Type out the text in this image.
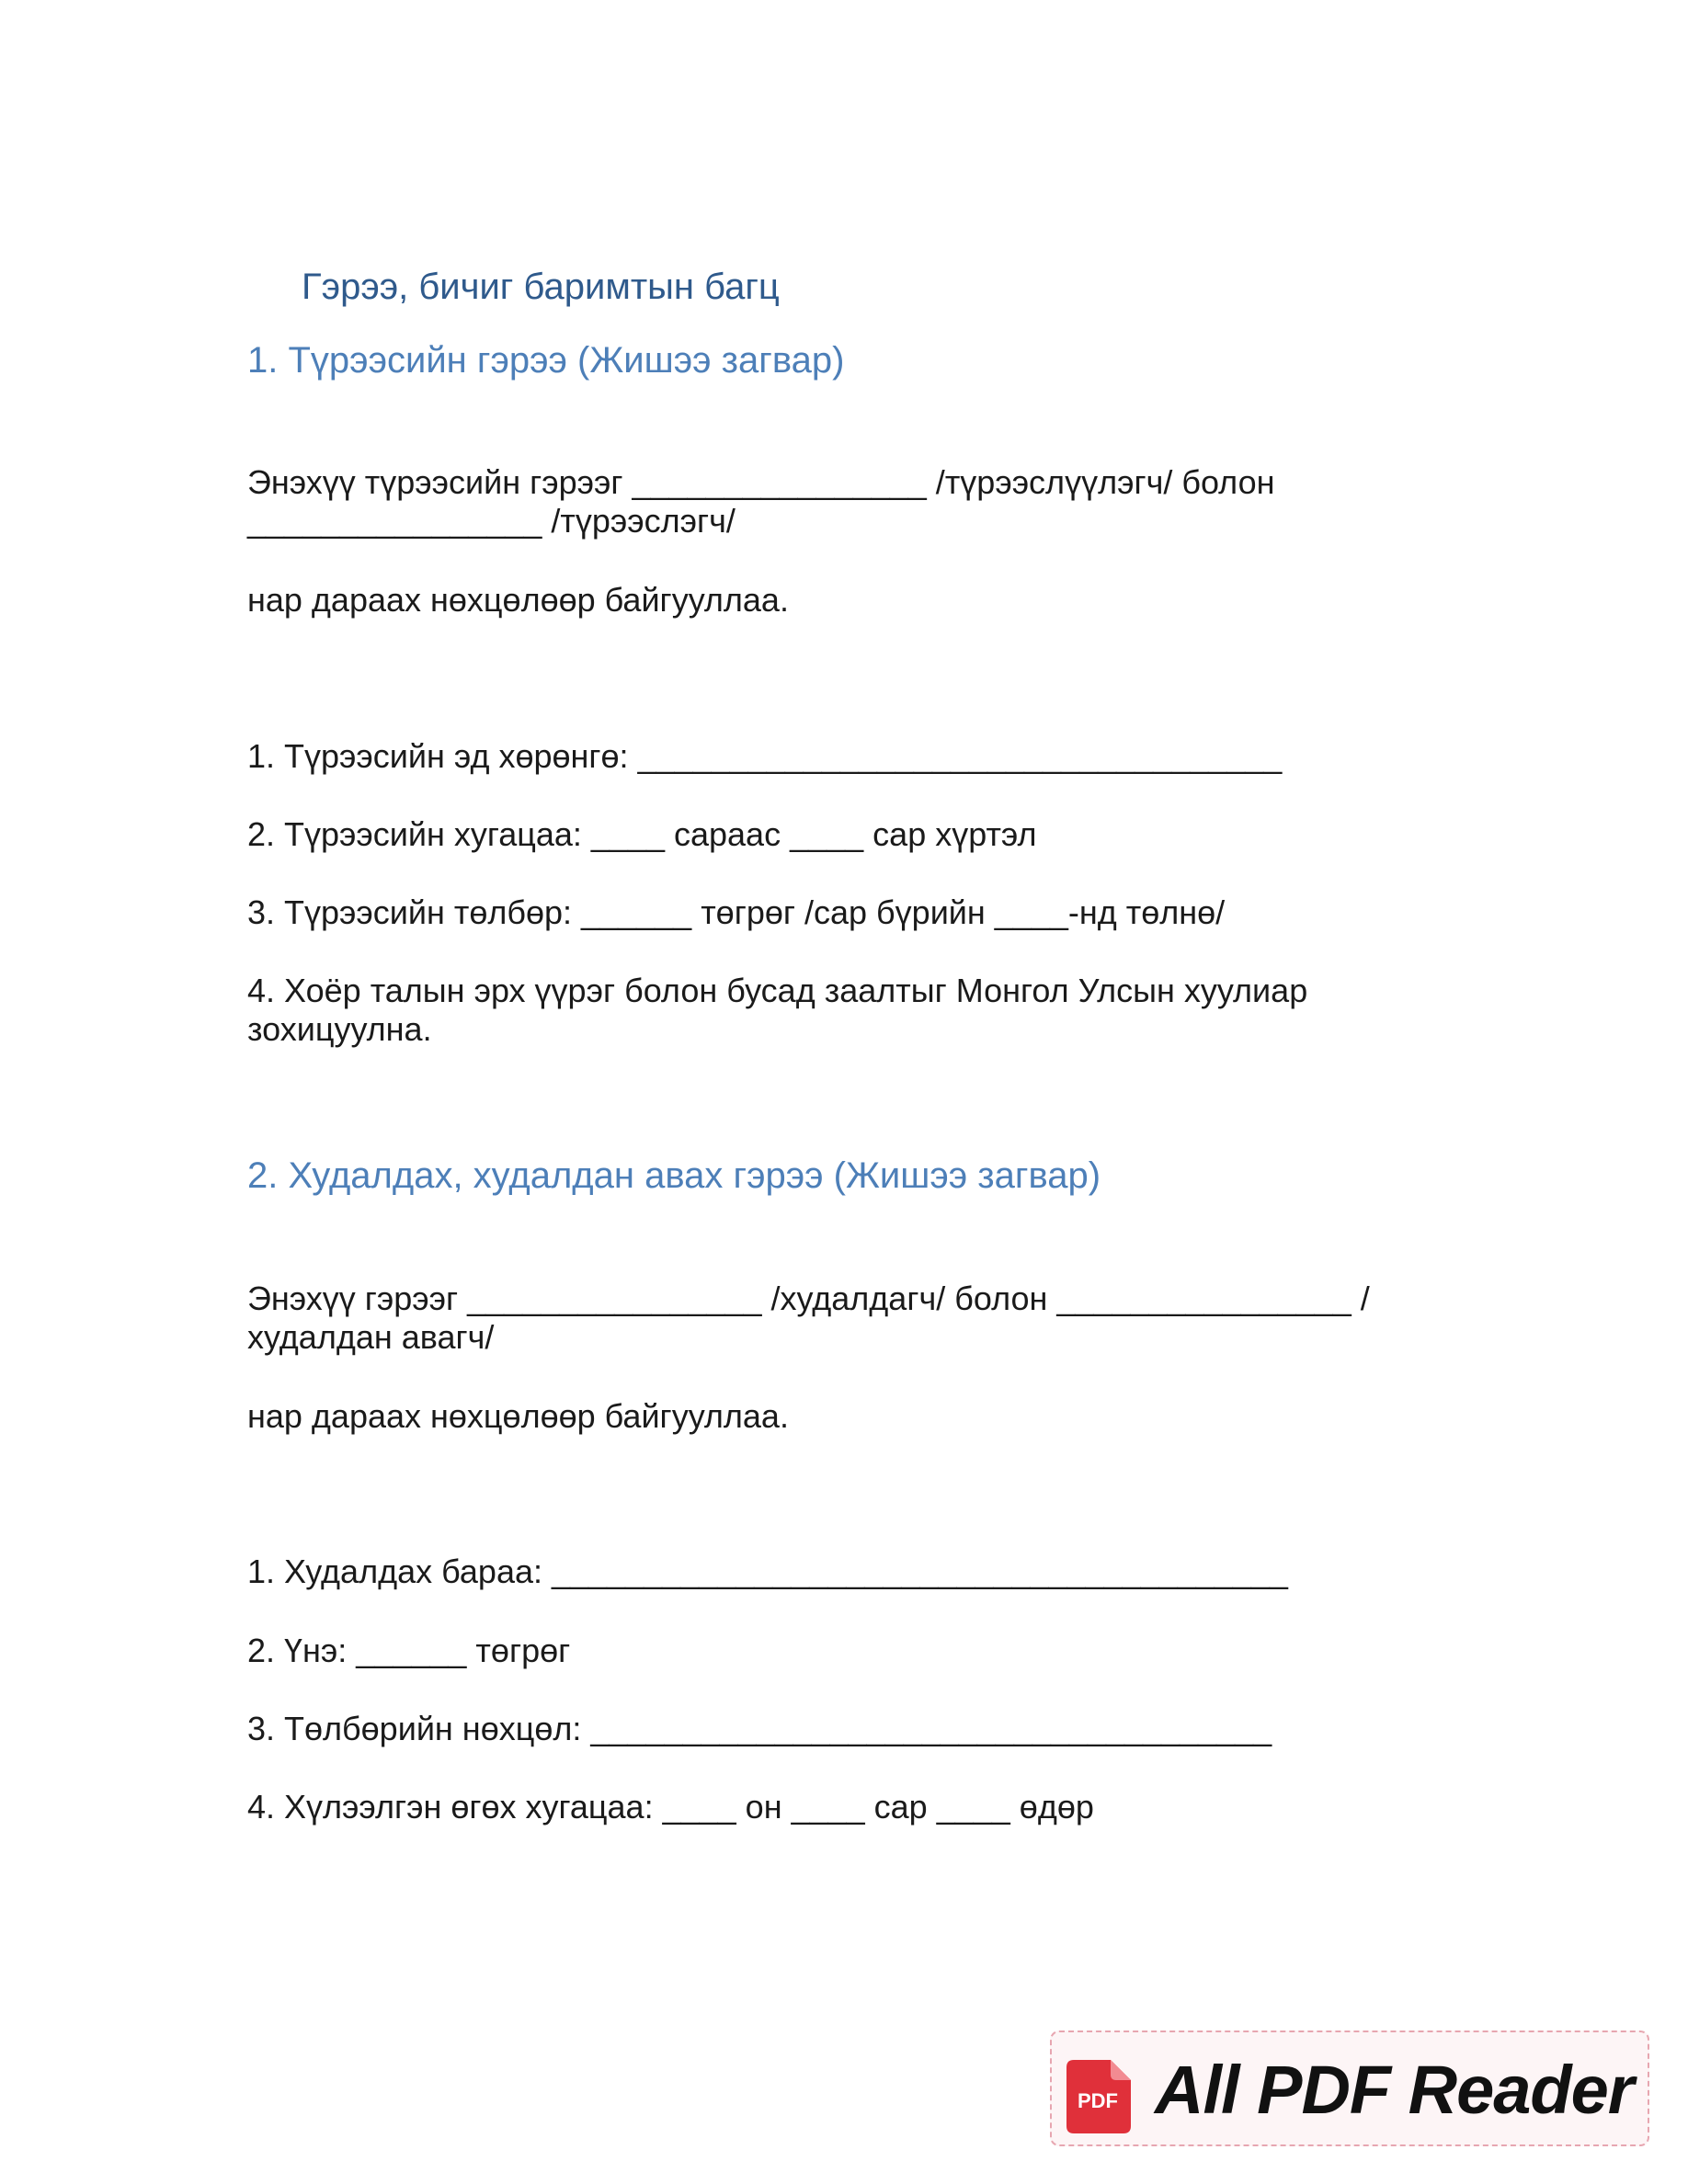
Гэрээ, бичиг баримтын багц
1. Түрээсийн гэрээ (Жишээ загвар)
Энэхүү түрээсийн гэрээг ________________ /түрээслүүлэгч/ болон
________________ /түрээслэгч/
нар дараах нөхцөлөөр байгууллаа.
1. Түрээсийн эд хөрөнгө: ___________________________________
2. Түрээсийн хугацаа: ____ сараас ____ сар хүртэл
3. Түрээсийн төлбөр: ______ төгрөг /сар бүрийн ____-нд төлнө/
4. Хоёр талын эрх үүрэг болон бусад заалтыг Монгол Улсын хуулиар
зохицуулна.
2. Худалдах, худалдан авах гэрээ (Жишээ загвар)
Энэхүү гэрээг ________________ /худалдагч/ болон ________________ /
худалдан авагч/
нар дараах нөхцөлөөр байгууллаа.
1. Худалдах бараа: ________________________________________
2. Үнэ: ______ төгрөг
3. Төлбөрийн нөхцөл: _____________________________________
4. Хүлээлгэн өгөх хугацаа: ____ он ____ сар ____ өдөр
PDF All PDF Reader
